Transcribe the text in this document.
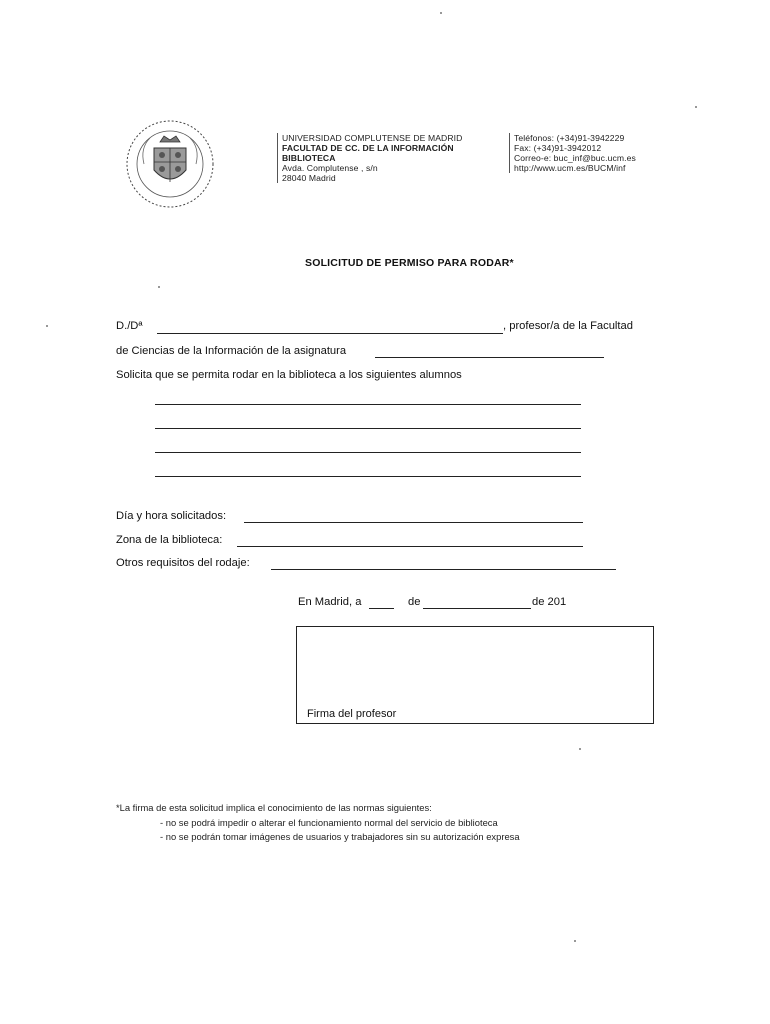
UNIVERSIDAD COMPLUTENSE DE MADRID
FACULTAD DE CC. DE LA INFORMACIÓN
BIBLIOTECA
Avda. Complutense , s/n
28040 Madrid
Teléfonos: (+34)91-3942229
Fax: (+34)91-3942012
Correo-e: buc_inf@buc.ucm.es
http://www.ucm.es/BUCM/inf
SOLICITUD DE PERMISO PARA RODAR*
D./Dª	, profesor/a de la Facultad
de Ciencias de la Información de la asignatura
Solicita que se permita rodar en la biblioteca a los siguientes alumnos
Día y hora solicitados:
Zona de la biblioteca:
Otros requisitos del rodaje:
En Madrid, a	de	de 201
Firma del profesor
*La firma de esta solicitud implica el conocimiento de las normas siguientes:
- no se podrá impedir o alterar el funcionamiento normal del servicio de biblioteca
- no se podrán tomar imágenes de usuarios y trabajadores sin su autorización expresa
